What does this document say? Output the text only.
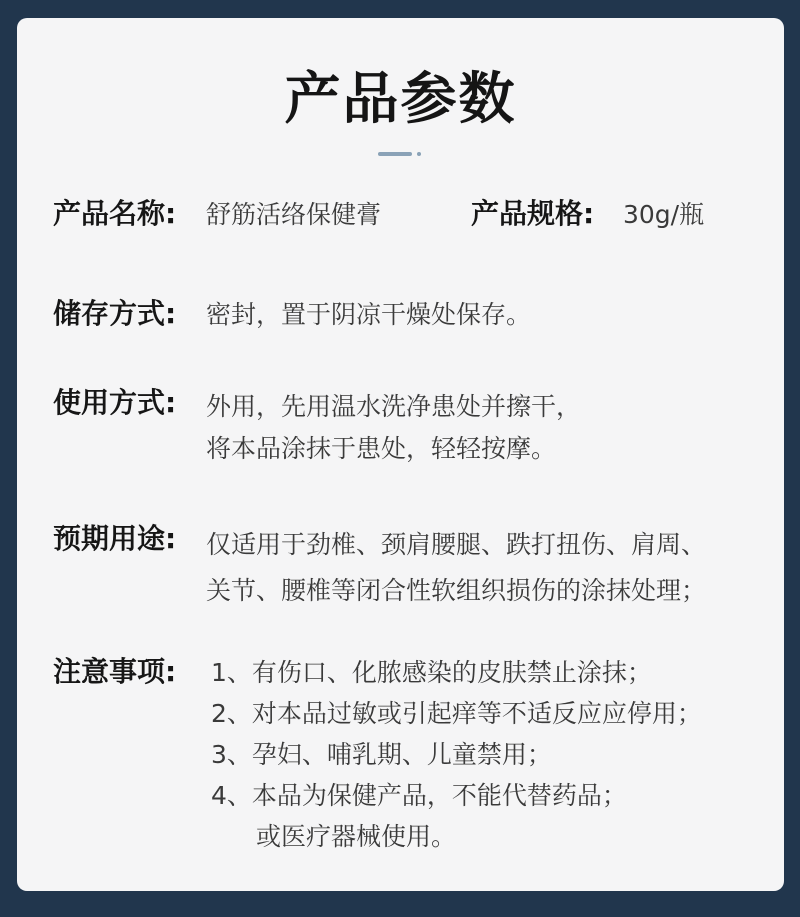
产品参数
产品名称: 舒筋活络保健膏	产品规格: 30g/瓶
储存方式: 密封，置于阴凉干燥处保存。
使用方式: 外用，先用温水洗净患处并擦干，
将本品涂抹于患处，轻轻按摩。
预期用途: 仅适用于劲椎、颈肩腰腿、跌打扭伤、肩周、
关节、腰椎等闭合性软组织损伤的涂抹处理；
注意事项: 1、有伤口、化脓感染的皮肤禁止涂抹；
2、对本品过敏或引起痒等不适反应应停用；
3、孕妇、哺乳期、儿童禁用；
4、本品为保健产品，不能代替药品；
或医疗器械使用。
